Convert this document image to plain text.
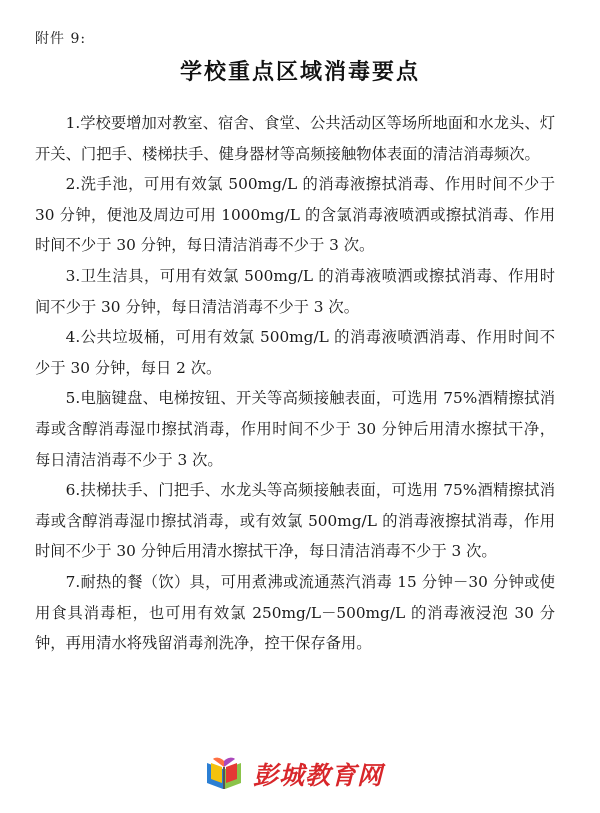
附件 9:
学校重点区域消毒要点

1.学校要增加对教室、宿舍、食堂、公共活动区等场所地面和水龙头、灯开关、门把手、楼梯扶手、健身器材等高频接触物体表面的清洁消毒频次。

2.洗手池，可用有效氯 500mg/L 的消毒液擦拭消毒、作用时间不少于 30 分钟，便池及周边可用 1000mg/L 的含氯消毒液喷洒或擦拭消毒、作用时间不少于 30 分钟，每日清洁消毒不少于 3 次。

3.卫生洁具，可用有效氯 500mg/L 的消毒液喷洒或擦拭消毒、作用时间不少于 30 分钟，每日清洁消毒不少于 3 次。

4.公共垃圾桶，可用有效氯 500mg/L 的消毒液喷洒消毒、作用时间不少于 30 分钟，每日 2 次。

5.电脑键盘、电梯按钮、开关等高频接触表面，可选用 75%酒精擦拭消毒或含醇消毒湿巾擦拭消毒，作用时间不少于 30 分钟后用清水擦拭干净， 每日清洁消毒不少于 3 次。

6.扶梯扶手、门把手、水龙头等高频接触表面，可选用 75%酒精擦拭消毒或含醇消毒湿巾擦拭消毒，或有效氯 500mg/L 的消毒液擦拭消毒，作用时间不少于 30 分钟后用清水擦拭干净，每日清洁消毒不少于 3 次。

7.耐热的餐（饮）具，可用煮沸或流通蒸汽消毒 15 分钟－30 分钟或使用食具消毒柜，也可用有效氯 250mg/L－500mg/L 的消毒液浸泡 30 分钟，再用清水将残留消毒剂洗净，控干保存备用。

彭城教育网
